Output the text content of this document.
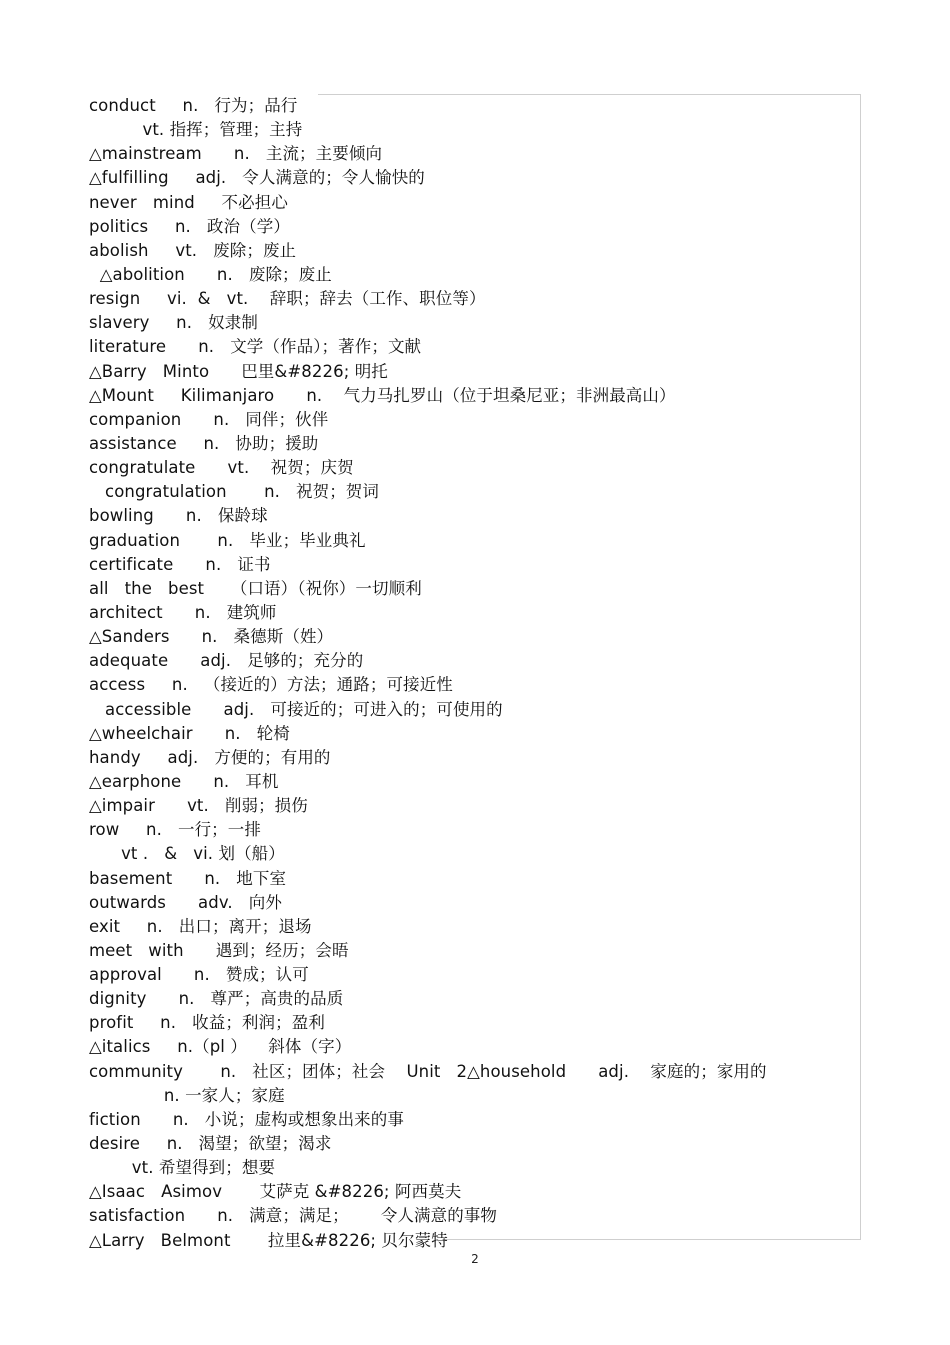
conduct     n.   行为；品行
vt. 指挥；管理；主持
△mainstream      n.   主流；主要倾向
△fulfilling     adj.   令人满意的；令人愉快的
never   mind     不必担心
politics     n.   政治（学）
abolish     vt.   废除；废止
△abolition      n.   废除；废止
resign     vi.  &   vt.    辞职；辞去（工作、职位等）
slavery     n.   奴隶制
literature      n.   文学（作品）；著作；文献
△Barry   Minto      巴里&#8226; 明托
△Mount     Kilimanjaro      n.    气力马扎罗山（位于坦桑尼亚；非洲最高山）
companion      n.   同伴；伙伴
assistance     n.   协助；援助
congratulate      vt.    祝贺；庆贺
congratulation       n.   祝贺；贺词
bowling      n.   保龄球
graduation       n.   毕业；毕业典礼
certificate      n.   证书
all   the   best     （口语）（祝你）一切顺利
architect      n.   建筑师
△Sanders      n.   桑德斯（姓）
adequate      adj.   足够的；充分的
access     n.   （接近的）方法；通路；可接近性
accessible      adj.   可接近的；可进入的；可使用的
△wheelchair      n.   轮椅
handy     adj.   方便的；有用的
△earphone      n.   耳机
△impair      vt.   削弱；损伤
row     n.   一行；一排
vt .   &   vi. 划（船）
basement      n.   地下室
outwards      adv.   向外
exit     n.   出口；离开；退场
meet   with      遇到；经历；会晤
approval      n.   赞成；认可
dignity      n.   尊严；高贵的品质
profit     n.   收益；利润；盈利
△italics     n.（pl ）    斜体（字）
community       n.   社区；团体；社会    Unit   2△household      adj.    家庭的；家用的
n. 一家人；家庭
fiction      n.   小说；虚构或想象出来的事
desire     n.   渴望；欲望；渴求
vt. 希望得到；想要
△Isaac   Asimov       艾萨克 &#8226; 阿西莫夫
satisfaction      n.   满意；满足；      令人满意的事物
△Larry   Belmont       拉里&#8226; 贝尔蒙特
2
